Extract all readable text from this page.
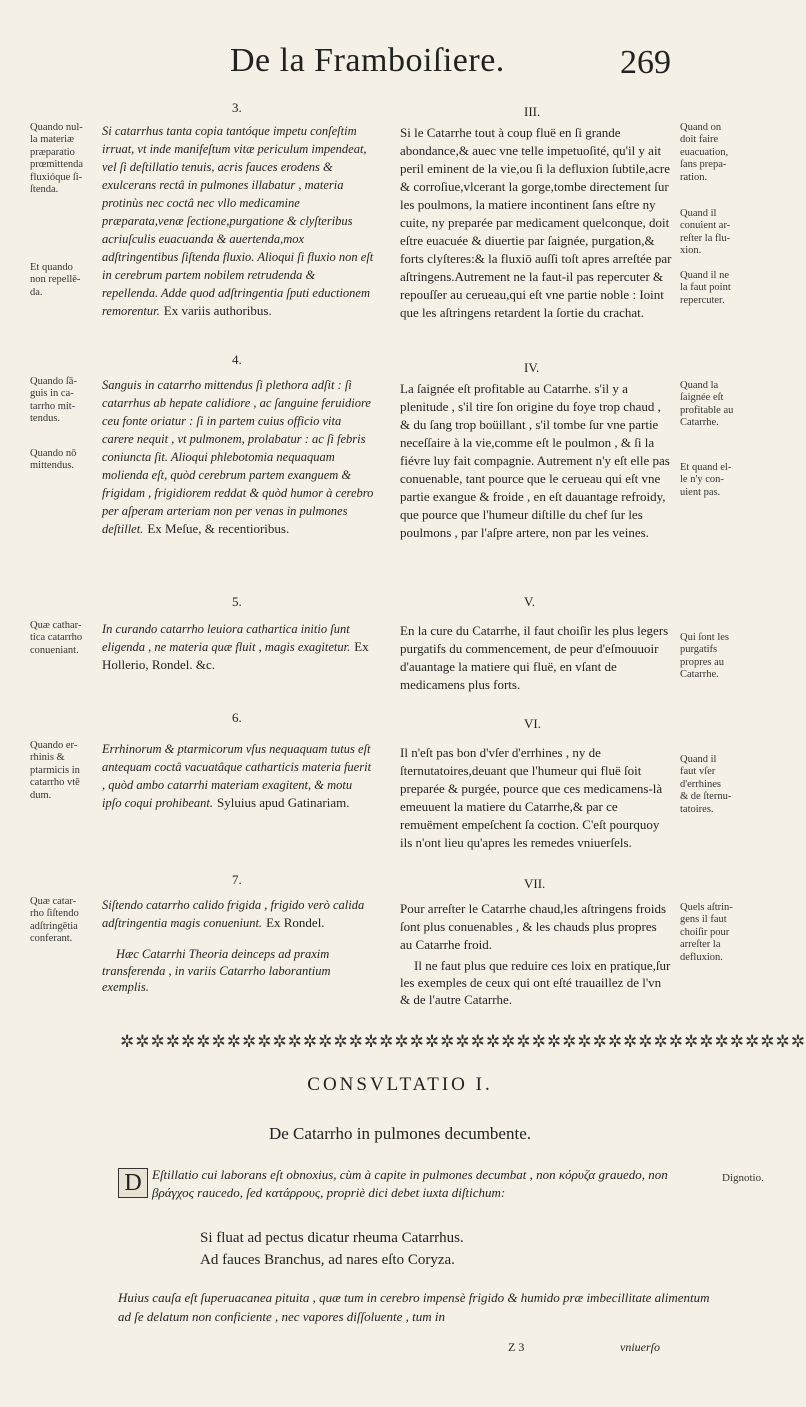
De la Framboiſiere.	269
3.
Quando nul-
la materiæ
præparatio
prœmittenda
fluxióque ſi-
ſtenda.
Et quando
non repellē-
da.
Si catarrhus tanta copia tantóque impetu conſeſtim irruat, vt inde manifeſtum vitæ periculum impendeat, vel ſi deſtillatio tenuis, acris fauces erodens & exulcerans rectâ in pulmones illabatur , materia protinùs nec coctâ nec vllo medicamine præparata,venæ ſectione,purgatione & clyſteribus acriuſculis euacuanda & auertenda,mox adſtringentibus ſiſtenda fluxio. Alioqui ſi fluxio non eſt in cerebrum partem nobilem retrudenda & repellenda. Adde quod adſtringentia ſputi eductionem remorentur. Ex variis authoribus.
4.
Quando ſā-
guis in ca-
tarrho mit-
tendus.
Quando nō
mittendus.
Sanguis in catarrho mittendus ſi plethora adſit : ſi catarrhus ab hepate calidiore , ac ſanguine feruidiore ceu fonte oriatur : ſi in partem cuius officio vita carere nequit , vt pulmonem, prolabatur : ac ſi febris coniuncta ſit. Alioqui phlebotomia nequaquam molienda eſt, quòd cerebrum partem exanguem & frigidam , frigidiorem reddat & quòd humor à cerebro per aſperam arteriam non per venas in pulmones deſtillet. Ex Meſue, & recentioribus.
5.
Quæ cathar-
tica catarrho
conueniant.
In curando catarrho leuiora cathartica initio ſunt eligenda , ne materia quæ fluit , magis exagitetur. Ex Hollerio, Rondel. &c.
6.
Quando er-
rhinis &
ptarmicis in
catarrho vtē
dum.
Errhinorum & ptarmicorum vſus nequaquam tutus eſt antequam coctâ vacuatâque catharticis materia fuerit , quòd ambo catarrhi materiam exagitent, & motu ipſo coqui prohibeant. Syluius apud Gatinariam.
7.
Quæ catar-
rho ſiſtendo
adſtringētia
conferant.
Siſtendo catarrho calido frigida , frigido verò calida adſtringentia magis conueniunt. Ex Rondel.
Hæc Catarrhi Theoria deinceps ad praxim transferenda , in variis Catarrho laborantium exemplis.
III.
Quand on
doit faire
euacuation,
ſans prepa-
ration.
Quand il
conuient ar-
reſter la flu-
xion.
Quand il ne
la faut point
repercuter.
Si le Catarrhe tout à coup fluë en ſi grande abondance,& auec vne telle impetuoſité, qu'il y ait peril eminent de la vie,ou ſi la defluxion ſubtile,acre & corroſiue,vlcerant la gorge,tombe directement ſur les poulmons, la matiere incontinent ſans eſtre ny cuite, ny preparée par medicament quelconque, doit eſtre euacuée & diuertie par ſaignée, purgation,& forts clyſteres:& la fluxiō auſſi toſt apres arreſtée par aſtringens.Autrement ne la faut-il pas repercuter & repouſſer au cerueau,qui eſt vne partie noble : Ioint que les aſtringens retardent la ſortie du crachat.
IV.
Quand la
ſaignée eſt
profitable au
Catarrhe.
Et quand el-
le n'y con-
uient pas.
La ſaignée eſt profitable au Catarrhe. s'il y a plenitude , s'il tire ſon origine du foye trop chaud , & du ſang trop boüillant , s'il tombe ſur vne partie neceſſaire à la vie,comme eſt le poulmon , & ſi la fiévre luy fait compagnie. Autrement n'y eſt elle pas conuenable, tant pource que le cerueau qui eſt vne partie exangue & froide , en eſt dauantage refroidy, que pource que l'humeur diſtille du chef ſur les poulmons , par l'aſpre artere, non par les veines.
V.
Qui ſont les
purgatifs
propres au
Catarrhe.
En la cure du Catarrhe, il faut choiſir les plus legers purgatifs du commencement, de peur d'eſmouuoir d'auantage la matiere qui fluë, en vſant de medicamens plus forts.
VI.
Quand il
faut vſer
d'errhines
& de ſternu-
tatoires.
Il n'eſt pas bon d'vſer d'errhines , ny de ſternutatoires,deuant que l'humeur qui fluë ſoit preparée & purgée, pource que ces medicamens-là emeuuent la matiere du Catarrhe,& par ce remuëment empeſchent ſa coction. C'eſt pourquoy ils n'ont lieu qu'apres les remedes vniuerſels.
VII.
Quels aſtrin-
gens il faut
choiſir pour
arreſter la
defluxion.
Pour arreſter le Catarrhe chaud,les aſtringens froids ſont plus conuenables , & les chauds plus propres au Catarrhe froid.
Il ne faut plus que reduire ces loix en pratique,ſur les exemples de ceux qui ont eſté trauaillez de l'vn & de l'autre Catarrhe.
✲✲✲✲✲✲✲✲✲✲✲✲✲✲✲✲✲✲✲✲✲✲✲✲✲✲✲✲✲✲✲✲✲✲✲✲✲✲✲✲✲✲✲✲✲
CONSVLTATIO I.
De Catarrho in pulmones decumbente.
D Eſtillatio cui laborans eſt obnoxius, cùm à capite in pulmones decumbat , non κόρυζα grauedo, non βράγχος raucedo, ſed κατάρρους, propriè dici debet iuxta diſtichum:
Dignotio.
Si fluat ad pectus dicatur rheuma Catarrhus.
Ad fauces Branchus, ad nares eſto Coryza.
Huius cauſa eſt ſuperuacanea pituita , quæ tum in cerebro impensè frigido & humido præ imbecillitate alimentum ad ſe delatum non conficiente , nec vapores diſſoluente , tum in
Z 3	vniuerſo
